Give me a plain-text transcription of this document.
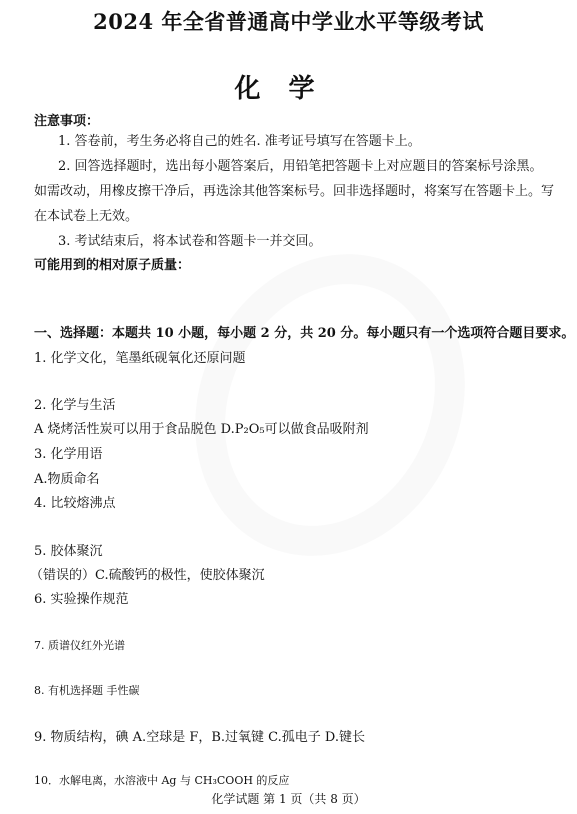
2024 年全省普通高中学业水平等级考试
化学
注意事项：
1. 答卷前，考生务必将自己的姓名. 准考证号填写在答题卡上。
2. 回答选择题时，选出每小题答案后，用铅笔把答题卡上对应题目的答案标号涂黑。
如需改动，用橡皮擦干净后，再选涂其他答案标号。回非选择题时，将案写在答题卡上。写
在本试卷上无效。
3. 考试结束后，将本试卷和答题卡一并交回。
可能用到的相对原子质量：
一、选择题：本题共 10 小题，每小题 2 分，共 20 分。每小题只有一个选项符合题目要求。
1. 化学文化，笔墨纸砚氧化还原问题
2. 化学与生活
A 烧烤活性炭可以用于食品脱色 D.P₂O₅可以做食品吸附剂
3. 化学用语
A.物质命名
4. 比较熔沸点
5. 胶体聚沉
（错误的）C.硫酸钙的极性，使胶体聚沉
6. 实验操作规范
7. 质谱仪红外光谱
8. 有机选择题 手性碳
9. 物质结构，碘 A.空球是 F，B.过氧键 C.孤电子 D.键长
10．水解电离，水溶液中 Ag 与 CH₃COOH 的反应
化学试题 第 1 页（共 8 页）
